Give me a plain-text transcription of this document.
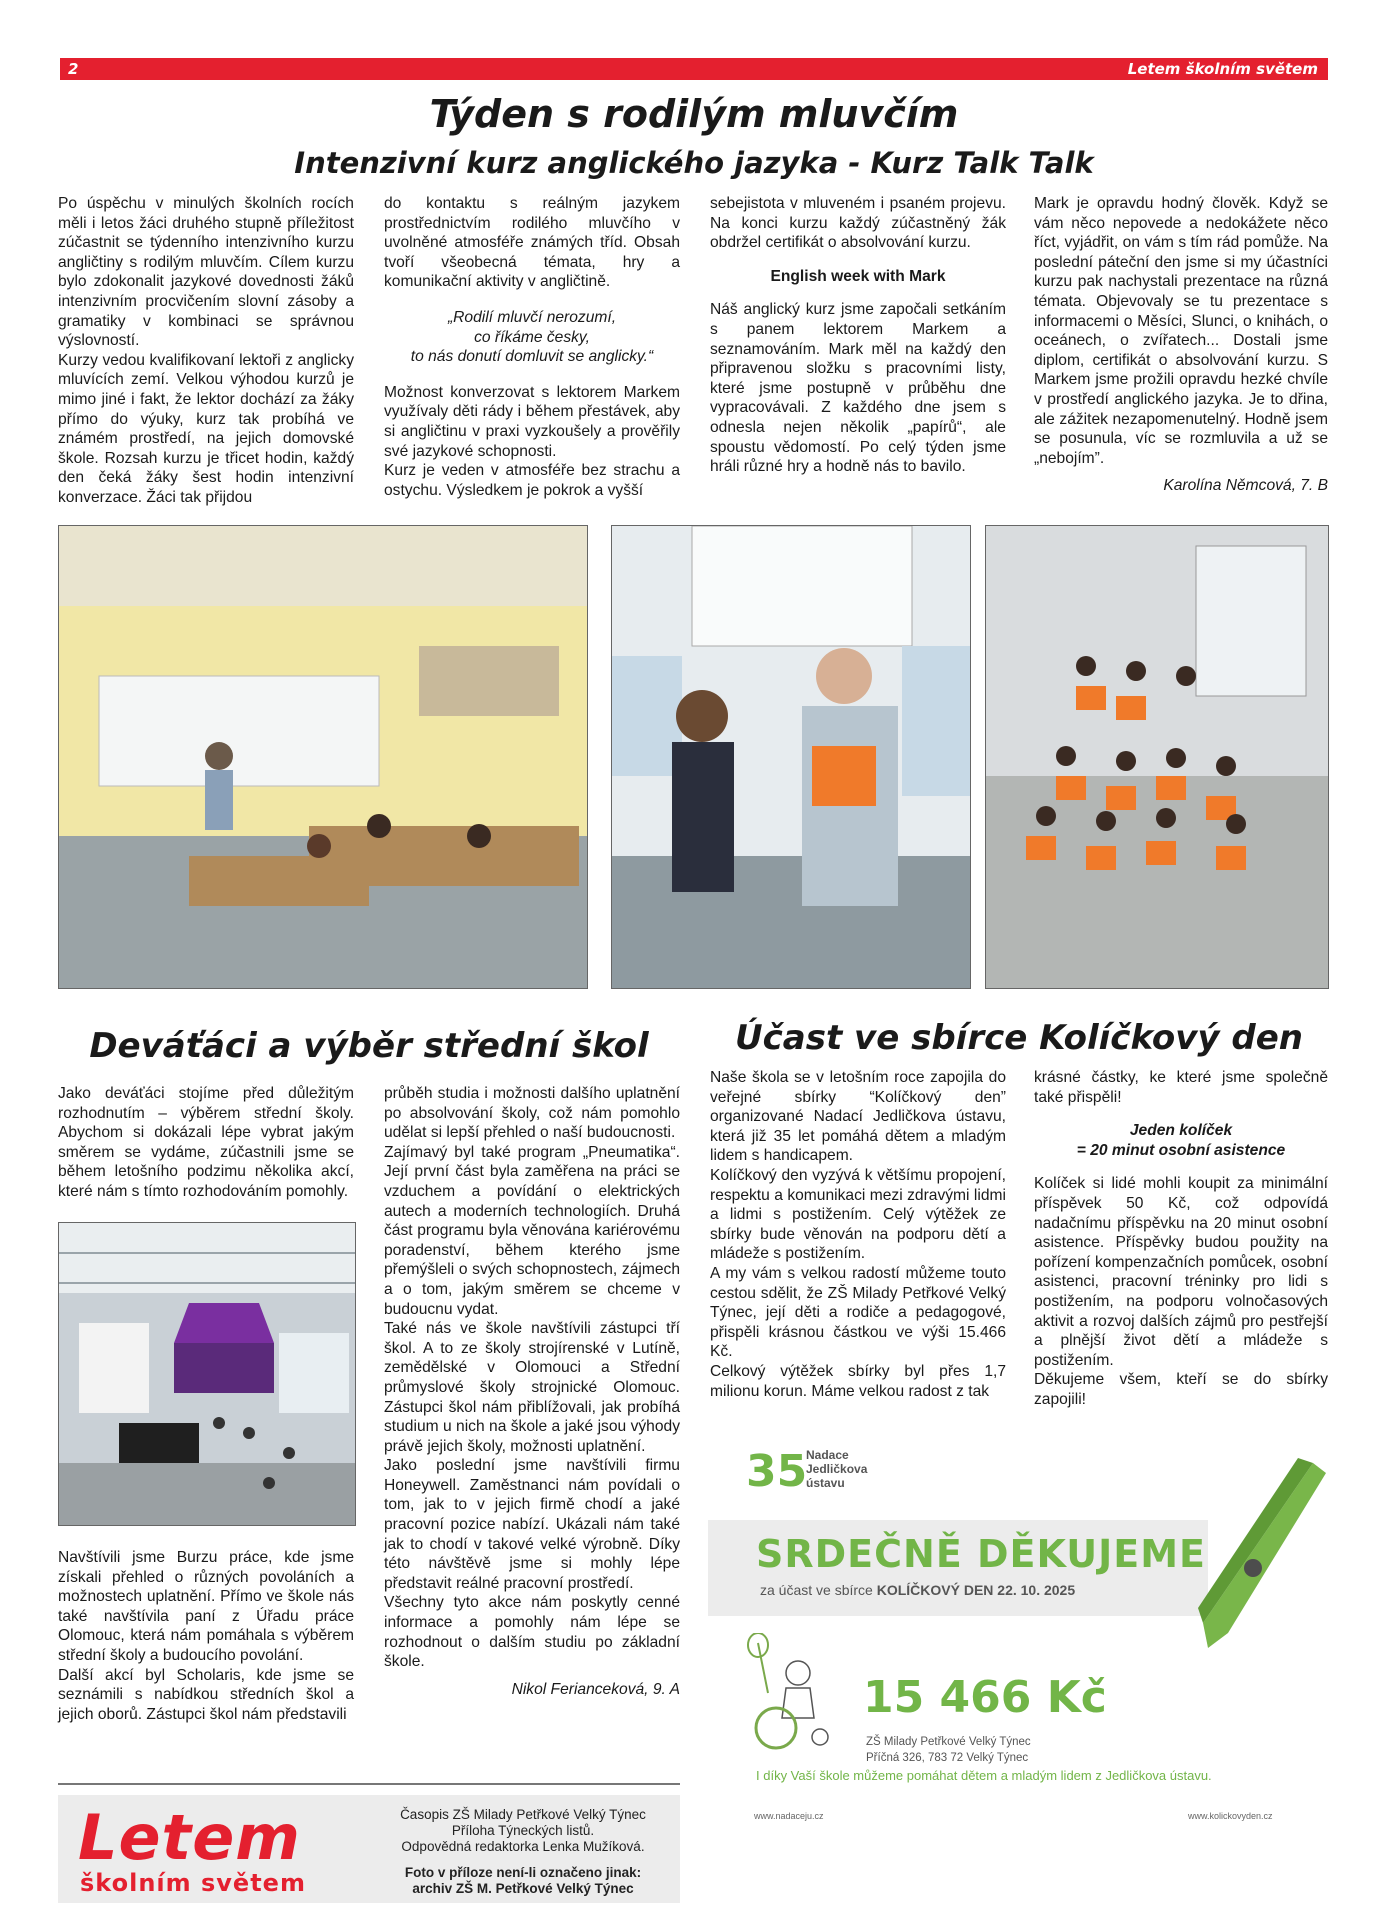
2	Letem školním světem
Týden s rodilým mluvčím
Intenzivní kurz anglického jazyka - Kurz Talk Talk

Po úspěchu v minulých školních rocích měli i letos žáci druhého stupně příležitost zúčastnit se týdenního intenzivního kurzu angličtiny s rodilým mluvčím. Cílem kurzu bylo zdokonalit jazykové dovednosti žáků intenzivním procvičením slovní zásoby a gramatiky v kombinaci se správnou výslovností.

Kurzy vedou kvalifikovaní lektoři z anglicky mluvících zemí. Velkou výhodou kurzů je mimo jiné i fakt, že lektor dochází za žáky přímo do výuky, kurz tak probíhá ve známém prostředí, na jejich domovské škole. Rozsah kurzu je třicet hodin, každý den čeká žáky šest hodin intenzivní konverzace. Žáci tak přijdou

do kontaktu s reálným jazykem prostřednictvím rodilého mluvčího v uvolněné atmosféře známých tříd. Obsah tvoří všeobecná témata, hry a komunikační aktivity v angličtině.

„Rodilí mluvčí nerozumí,
co říkáme česky,
to nás donutí domluvit se anglicky.“

Možnost konverzovat s lektorem Markem využívaly děti rády i během přestávek, aby si angličtinu v praxi vyzkoušely a prověřily své jazykové schopnosti.

Kurz je veden v atmosféře bez strachu a ostychu. Výsledkem je pokrok a vyšší

sebejistota v mluveném i psaném projevu. Na konci kurzu každý zúčastněný žák obdržel certifikát o absolvování kurzu.

English week with Mark

Náš anglický kurz jsme započali setkáním s panem lektorem Markem a seznamováním. Mark měl na každý den připravenou složku s pracovními listy, které jsme postupně v průběhu dne vypracovávali. Z každého dne jsem s odnesla nejen několik „papírů“, ale spoustu vědomostí. Po celý týden jsme hráli různé hry a hodně nás to bavilo.

Mark je opravdu hodný člověk. Když se vám něco nepovede a nedokážete něco říct, vyjádřit, on vám s tím rád pomůže. Na poslední páteční den jsme si my účastníci kurzu pak nachystali prezentace na různá témata. Objevovaly se tu prezentace s informacemi o Měsíci, Slunci, o knihách, o oceánech, o zvířatech... Dostali jsme diplom, certifikát o absolvování kurzu. S Markem jsme prožili opravdu hezké chvíle v prostředí anglického jazyka. Je to dřina, ale zážitek nezapomenutelný. Hodně jsem se posunula, víc se rozmluvila a už se „nebojím”.

Karolína Němcová, 7. B

Deváťáci a výběr střední škol

Jako deváťáci stojíme před důležitým rozhodnutím – výběrem střední školy. Abychom si dokázali lépe vybrat jakým směrem se vydáme, zúčastnili jsme se během letošního podzimu několika akcí, které nám s tímto rozhodováním pomohly.

Navštívili jsme Burzu práce, kde jsme získali přehled o různých povoláních a možnostech uplatnění. Přímo ve škole nás také navštívila paní z Úřadu práce Olomouc, která nám pomáhala s výběrem střední školy a budoucího povolání.

Další akcí byl Scholaris, kde jsme se seznámili s nabídkou středních škol a jejich oborů. Zástupci škol nám představili

průběh studia i možnosti dalšího uplatnění po absolvování školy, což nám pomohlo udělat si lepší přehled o naší budoucnosti.

Zajímavý byl také program „Pneumatika“. Její první část byla zaměřena na práci se vzduchem a povídání o elektrických autech a moderních technologiích. Druhá část programu byla věnována kariérovému poradenství, během kterého jsme přemýšleli o svých schopnostech, zájmech a o tom, jakým směrem se chceme v budoucnu vydat.

Také nás ve škole navštívili zástupci tří škol. A to ze školy strojírenské v Lutíně, zemědělské v Olomouci a Střední průmyslové školy strojnické Olomouc. Zástupci škol nám přiblížovali, jak probíhá studium u nich na škole a jaké jsou výhody právě jejich školy, možnosti uplatnění.

Jako poslední jsme navštívili firmu Honeywell. Zaměstnanci nám povídali o tom, jak to v jejich firmě chodí a jaké pracovní pozice nabízí. Ukázali nám také jak to chodí v takové velké výrobně. Díky této návštěvě jsme si mohly lépe představit reálné pracovní prostředí.

Všechny tyto akce nám poskytly cenné informace a pomohly nám lépe se rozhodnout o dalším studiu po základní škole.

Nikol Ferianceková, 9. A

Letem
školním světem
Časopis ZŠ Milady Petřkové Velký Týnec
Příloha Týneckých listů.
Odpovědná redaktorka Lenka Mužíková.
Foto v příloze není-li označeno jinak:
archiv ZŠ M. Petřkové Velký Týnec
Účast ve sbírce Kolíčkový den

Naše škola se v letošním roce zapojila do veřejné sbírky “Kolíčkový den” organizované Nadací Jedličkova ústavu, která již 35 let pomáhá dětem a mladým lidem s handicapem.

Kolíčkový den vyzývá k většímu propojení, respektu a komunikaci mezi zdravými lidmi a lidmi s postižením. Celý výtěžek ze sbírky bude věnován na podporu dětí a mládeže s postižením.

A my vám s velkou radostí můžeme touto cestou sdělit, že ZŠ Milady Petřkové Velký Týnec, její děti a rodiče a pedagogové, přispěli krásnou částkou ve výši 15.466 Kč.

Celkový výtěžek sbírky byl přes 1,7 milionu korun. Máme velkou radost z tak

krásné částky, ke které jsme společně také přispěli!

Jeden kolíček
= 20 minut osobní asistence

Kolíček si lidé mohli koupit za minimální příspěvek 50 Kč, což odpovídá nadačnímu příspěvku na 20 minut osobní asistence. Příspěvky budou použity na pořízení kompenzačních pomůcek, osobní asistenci, pracovní tréninky pro lidi s postižením, na podporu volnočasových aktivit a rozvoj dalších zájmů pro pestřejší a plnější život dětí a mládeže s postižením.

Děkujeme všem, kteří se do sbírky zapojili!

35
Nadace
Jedličkova
ústavu
SRDEČNĚ DĚKUJEME
za účast ve sbírce KOLÍČKOVÝ DEN 22. 10. 2025
15 466 Kč
ZŠ Milady Petřkové Velký Týnec
Příčná 326, 783 72 Velký Týnec
I díky Vaší škole můžeme pomáhat dětem a mladým lidem z Jedličkova ústavu.
www.nadaceju.cz	www.kolickovyden.cz
